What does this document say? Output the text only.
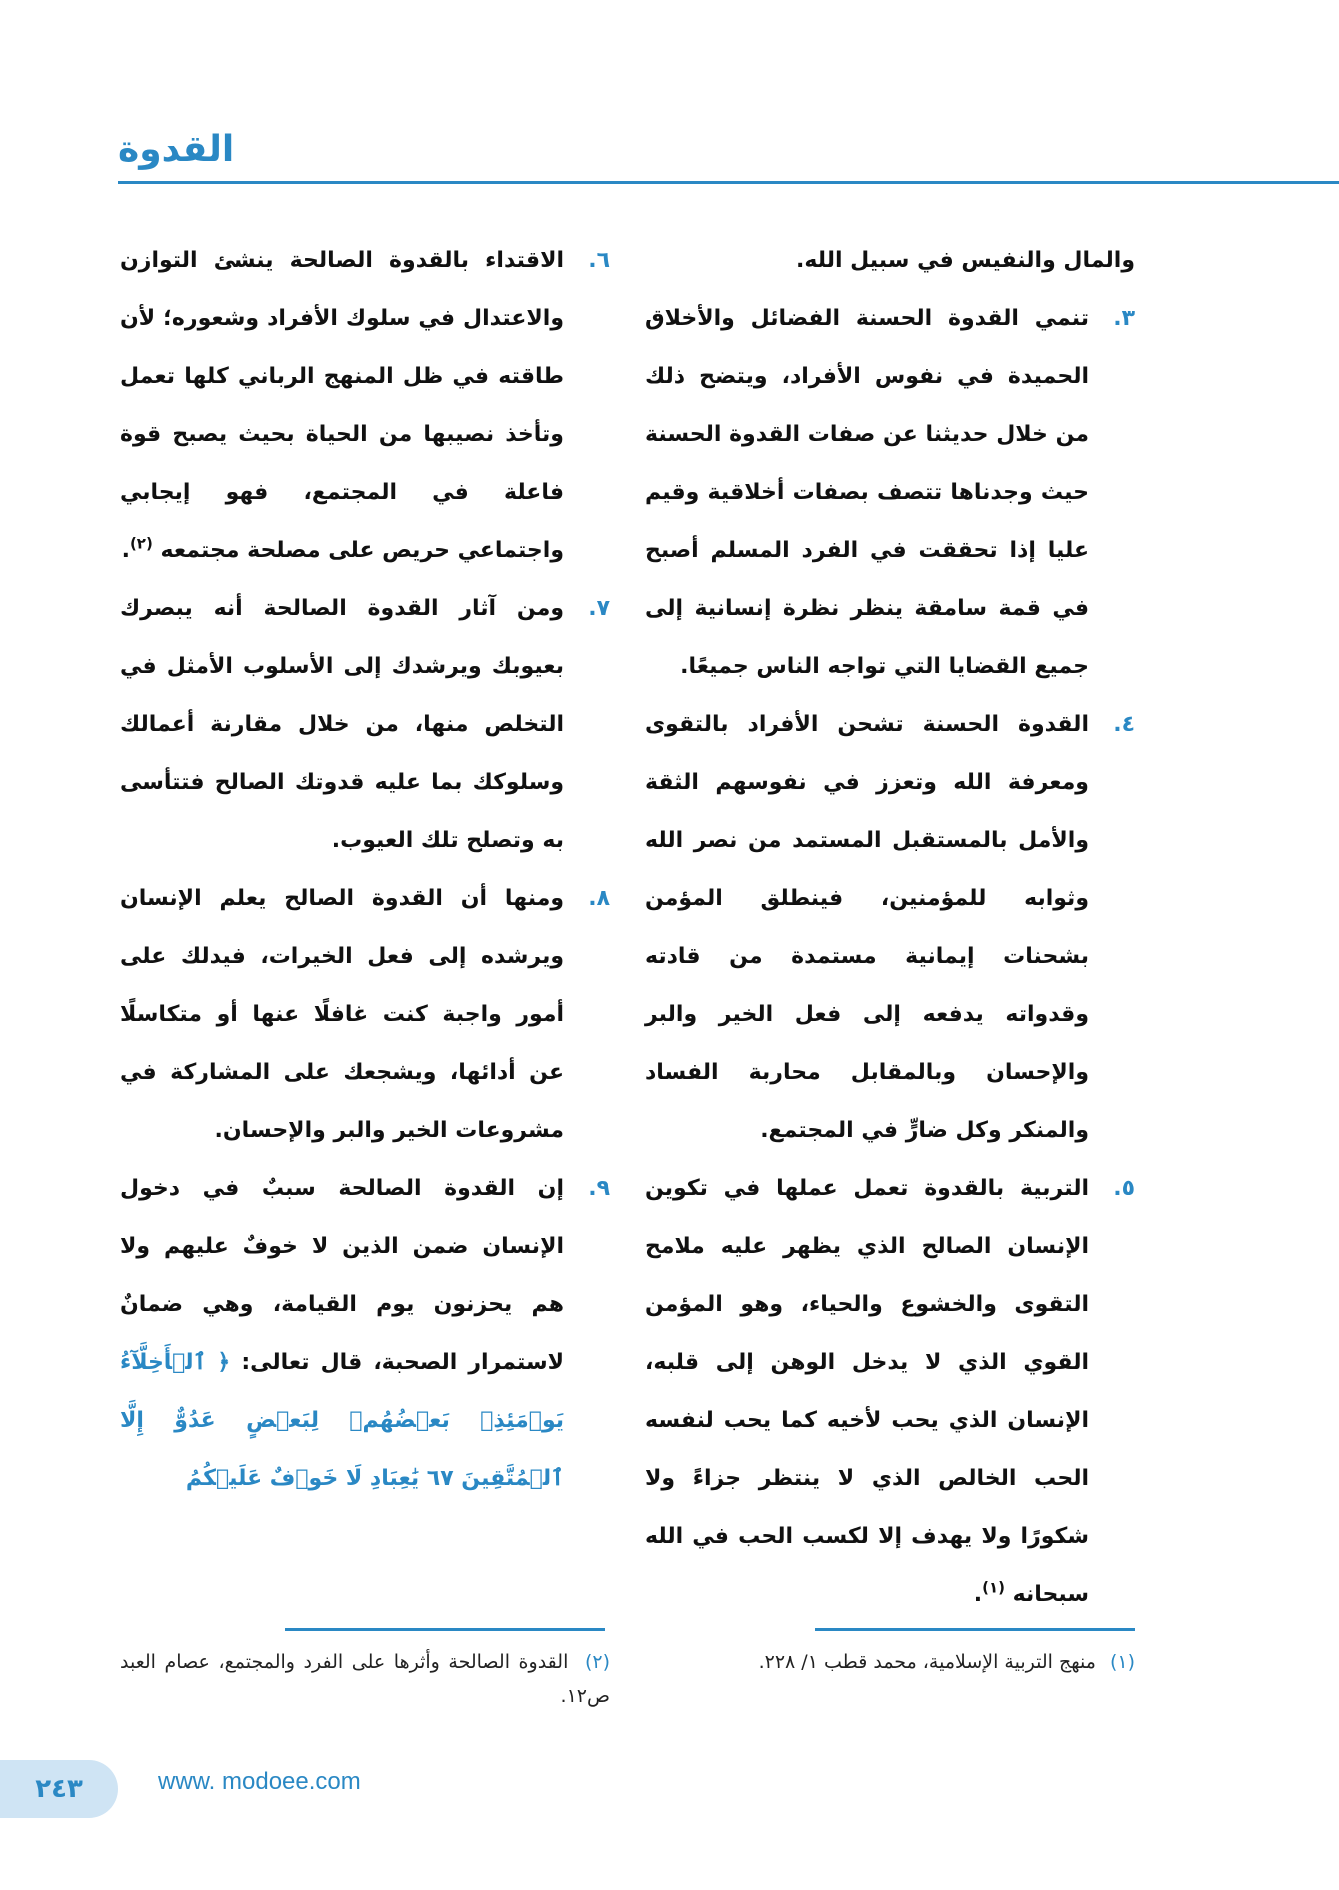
القدوة

والمال والنفيس في سبيل الله.

٣.
تنمي القدوة الحسنة الفضائل والأخلاق الحميدة في نفوس الأفراد، ويتضح ذلك من خلال حديثنا عن صفات القدوة الحسنة حيث وجدناها تتصف بصفات أخلاقية وقيم عليا إذا تحققت في الفرد المسلم أصبح في قمة سامقة ينظر نظرة إنسانية إلى جميع القضايا التي تواجه الناس جميعًا.
٤.
القدوة الحسنة تشحن الأفراد بالتقوى ومعرفة الله وتعزز في نفوسهم الثقة والأمل بالمستقبل المستمد من نصر الله وثوابه للمؤمنين، فينطلق المؤمن بشحنات إيمانية مستمدة من قادته وقدواته يدفعه إلى فعل الخير والبر والإحسان وبالمقابل محاربة الفساد والمنكر وكل ضارٍّ في المجتمع.
٥.
التربية بالقدوة تعمل عملها في تكوين الإنسان الصالح الذي يظهر عليه ملامح التقوى والخشوع والحياء، وهو المؤمن القوي الذي لا يدخل الوهن إلى قلبه، الإنسان الذي يحب لأخيه كما يحب لنفسه الحب الخالص الذي لا ينتظر جزاءً ولا شكورًا ولا يهدف إلا لكسب الحب في الله سبحانه $^{(١)}$.
٦.
الاقتداء بالقدوة الصالحة ينشئ التوازن والاعتدال في سلوك الأفراد وشعوره؛ لأن طاقته في ظل المنهج الرباني كلها تعمل وتأخذ نصيبها من الحياة بحيث يصبح قوة فاعلة في المجتمع، فهو إيجابي واجتماعي حريص على مصلحة مجتمعه $^{(٢)}$.
٧.
ومن آثار القدوة الصالحة أنه يبصرك بعيوبك ويرشدك إلى الأسلوب الأمثل في التخلص منها، من خلال مقارنة أعمالك وسلوكك بما عليه قدوتك الصالح فتتأسى به وتصلح تلك العيوب.
٨.
ومنها أن القدوة الصالح يعلم الإنسان ويرشده إلى فعل الخيرات، فيدلك على أمور واجبة كنت غافلًا عنها أو متكاسلًا عن أدائها، ويشجعك على المشاركة في مشروعات الخير والبر والإحسان.
٩.
إن القدوة الصالحة سببٌ في دخول الإنسان ضمن الذين لا خوفٌ عليهم ولا هم يحزنون يوم القيامة، وهي ضمانٌ لاستمرار الصحبة، قال تعالى: ﴿ ٱلۡأَخِلَّآءُ يَوۡمَئِذِۭ بَعۡضُهُمۡ لِبَعۡضٍ عَدُوٌّ إِلَّا ٱلۡمُتَّقِينَ ٦٧ يَٰعِبَادِ لَا خَوۡفٌ عَلَيۡكُمُ
(١) منهج التربية الإسلامية، محمد قطب ١/ ٢٢٨.
(٢) القدوة الصالحة وأثرها على الفرد والمجتمع، عصام العبد ص١٢.
٢٤٣	www. modoee.com
